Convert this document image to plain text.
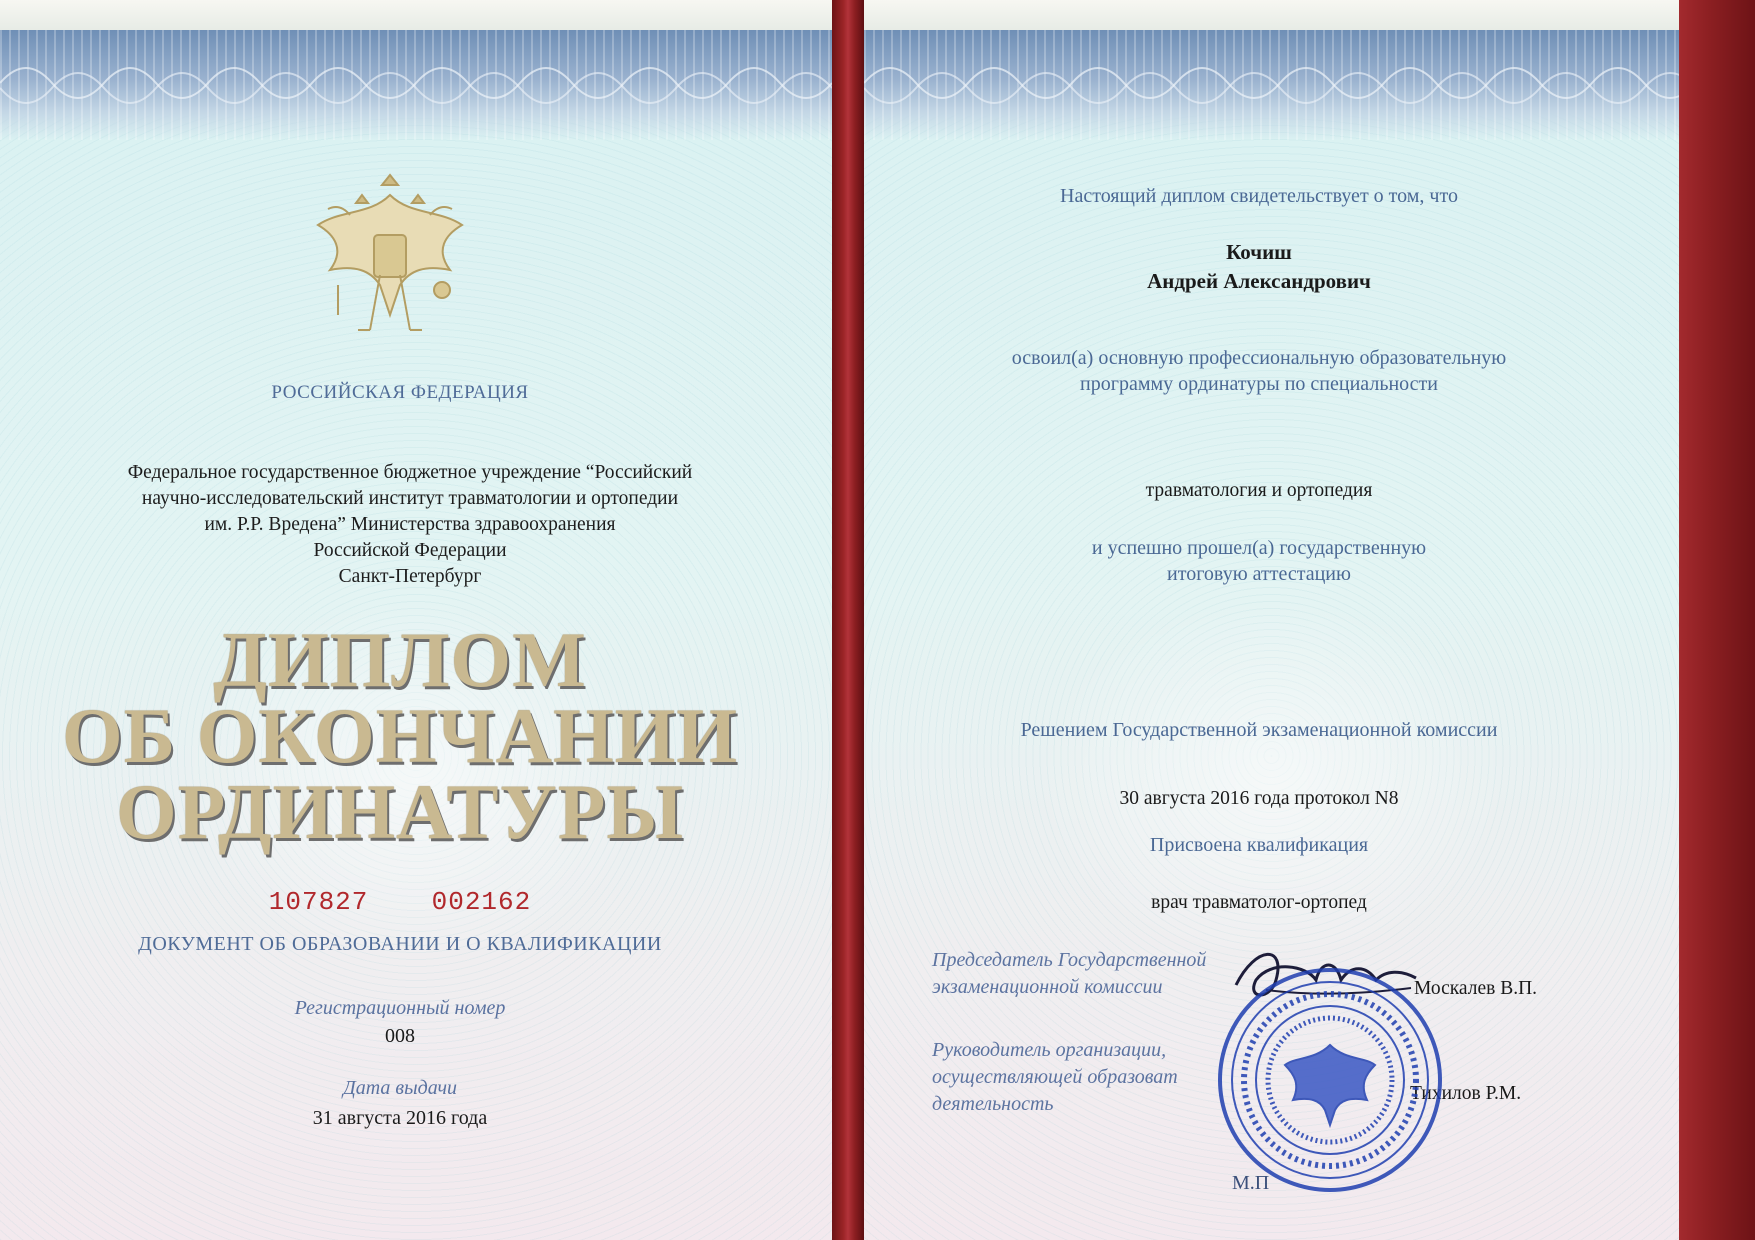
РОССИЙСКАЯ ФЕДЕРАЦИЯ
Федеральное государственное бюджетное учреждение “Российский
научно-исследовательский институт травматологии и ортопедии
им. Р.Р. Вредена” Министерства здравоохранения
Российской Федерации
Санкт-Петербург
ДИПЛОМ
ОБ ОКОНЧАНИИ
ОРДИНАТУРЫ
107827 002162
ДОКУМЕНТ ОБ ОБРАЗОВАНИИ И О КВАЛИФИКАЦИИ
Регистрационный номер
008
Дата выдачи
31 августа 2016 года
Настоящий диплом свидетельствует о том, что
Кочиш
Андрей Александрович
освоил(а) основную профессиональную образовательную
программу ординатуры по специальности
травматология и ортопедия
и успешно прошел(а) государственную
итоговую аттестацию
Решением Государственной экзаменационной комиссии
30 августа 2016 года протокол N8
Присвоена квалификация
врач травматолог-ортопед
Председатель Государственной
экзаменационной комиссии	Москалев В.П.
Руководитель организации,
осуществляющей образоват
деятельность	Тихилов Р.М.
М.П
